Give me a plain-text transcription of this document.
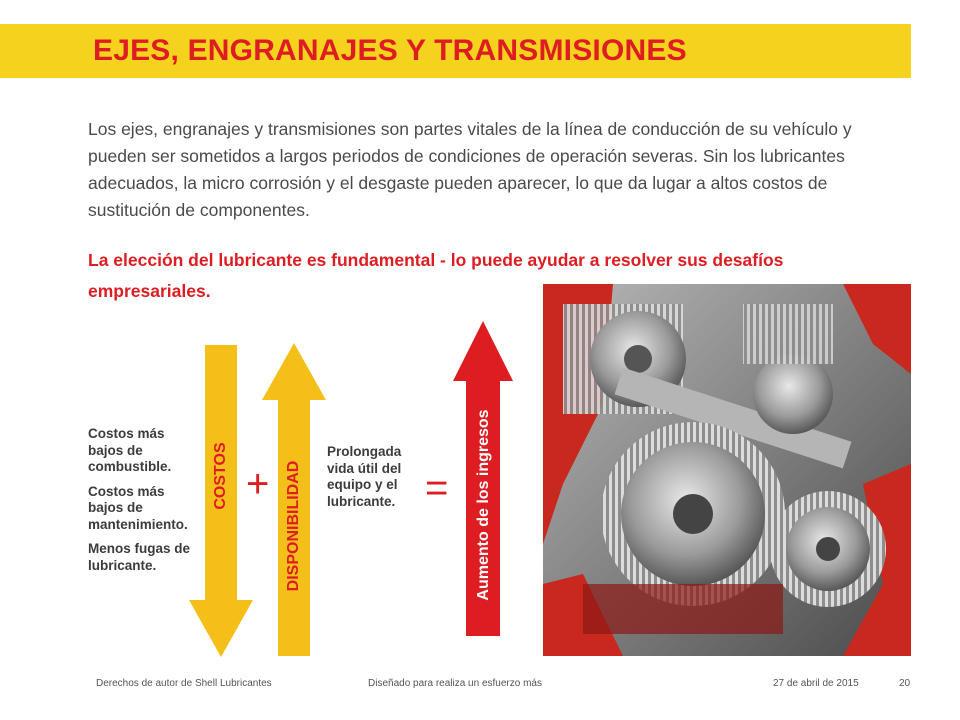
EJES, ENGRANAJES Y TRANSMISIONES
Los ejes, engranajes y transmisiones son partes vitales de la línea de conducción de su vehículo y pueden ser sometidos a largos periodos de condiciones de operación severas. Sin los lubricantes adecuados, la micro corrosión y el desgaste pueden aparecer, lo que da lugar a altos costos de sustitución de componentes.
La elección del lubricante es fundamental - lo puede ayudar a resolver sus desafíos empresariales.

Costos más bajos de combustible.

Costos más bajos de mantenimiento.

Menos fugas de lubricante.

COSTOS	DISPONIBILIDAD	Aumento de los ingresos
+	=
Prolongada vida útil del equipo y el lubricante.
Derechos de autor de Shell Lubricantes	Diseñado para realiza un esfuerzo más	27 de abril de 2015	20
